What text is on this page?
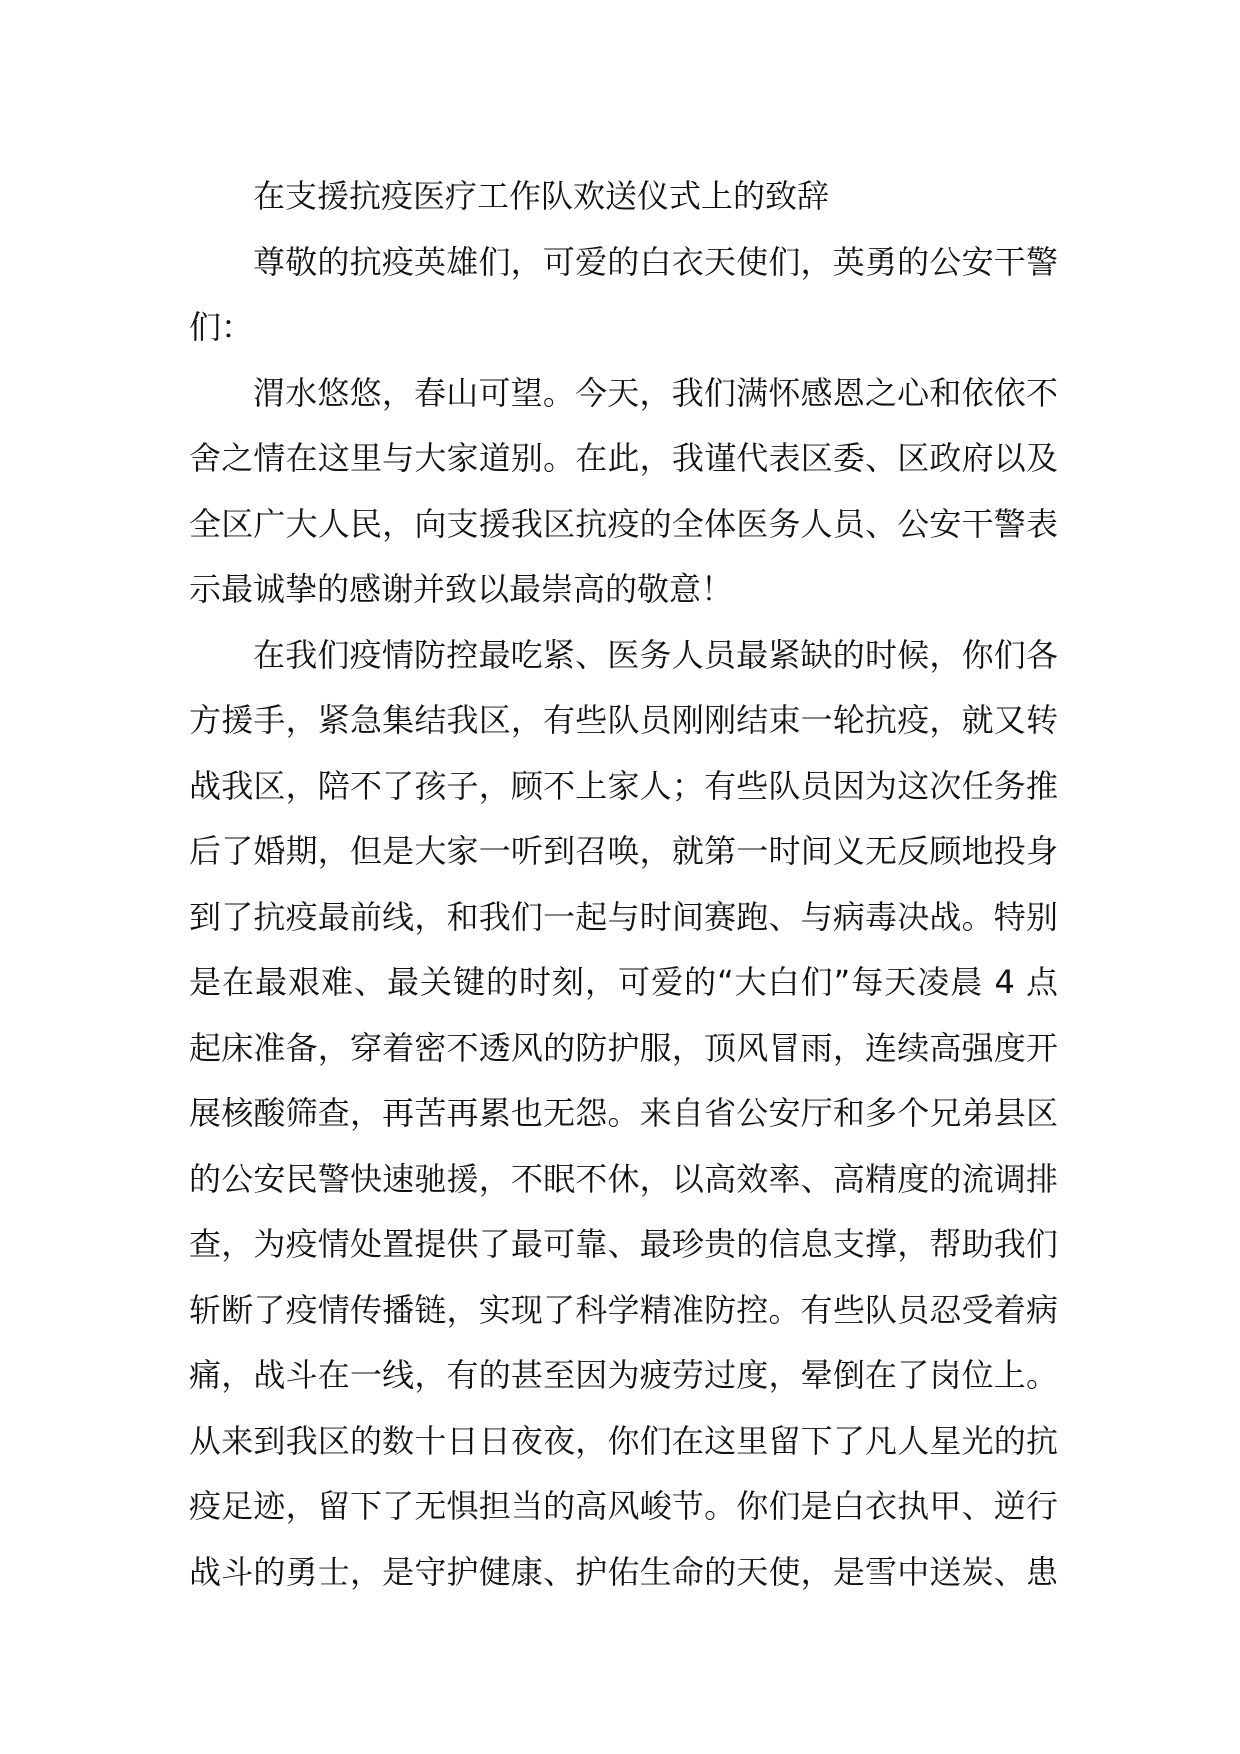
在支援抗疫医疗工作队欢送仪式上的致辞
尊敬的抗疫英雄们，可爱的白衣天使们，英勇的公安干警
们：
渭水悠悠，春山可望。今天，我们满怀感恩之心和依依不
舍之情在这里与大家道别。在此，我谨代表区委、区政府以及
全区广大人民，向支援我区抗疫的全体医务人员、公安干警表
示最诚挚的感谢并致以最崇高的敬意！
在我们疫情防控最吃紧、医务人员最紧缺的时候，你们各
方援手，紧急集结我区，有些队员刚刚结束一轮抗疫，就又转
战我区，陪不了孩子，顾不上家人；有些队员因为这次任务推
后了婚期，但是大家一听到召唤，就第一时间义无反顾地投身
到了抗疫最前线，和我们一起与时间赛跑、与病毒决战。特别
是在最艰难、最关键的时刻，可爱的“大白们”每天凌晨 4 点
起床准备，穿着密不透风的防护服，顶风冒雨，连续高强度开
展核酸筛查，再苦再累也无怨。来自省公安厅和多个兄弟县区
的公安民警快速驰援，不眠不休，以高效率、高精度的流调排
查，为疫情处置提供了最可靠、最珍贵的信息支撑，帮助我们
斩断了疫情传播链，实现了科学精准防控。有些队员忍受着病
痛，战斗在一线，有的甚至因为疲劳过度，晕倒在了岗位上。
从来到我区的数十日日夜夜，你们在这里留下了凡人星光的抗
疫足迹，留下了无惧担当的高风峻节。你们是白衣执甲、逆行
战斗的勇士，是守护健康、护佑生命的天使，是雪中送炭、患
